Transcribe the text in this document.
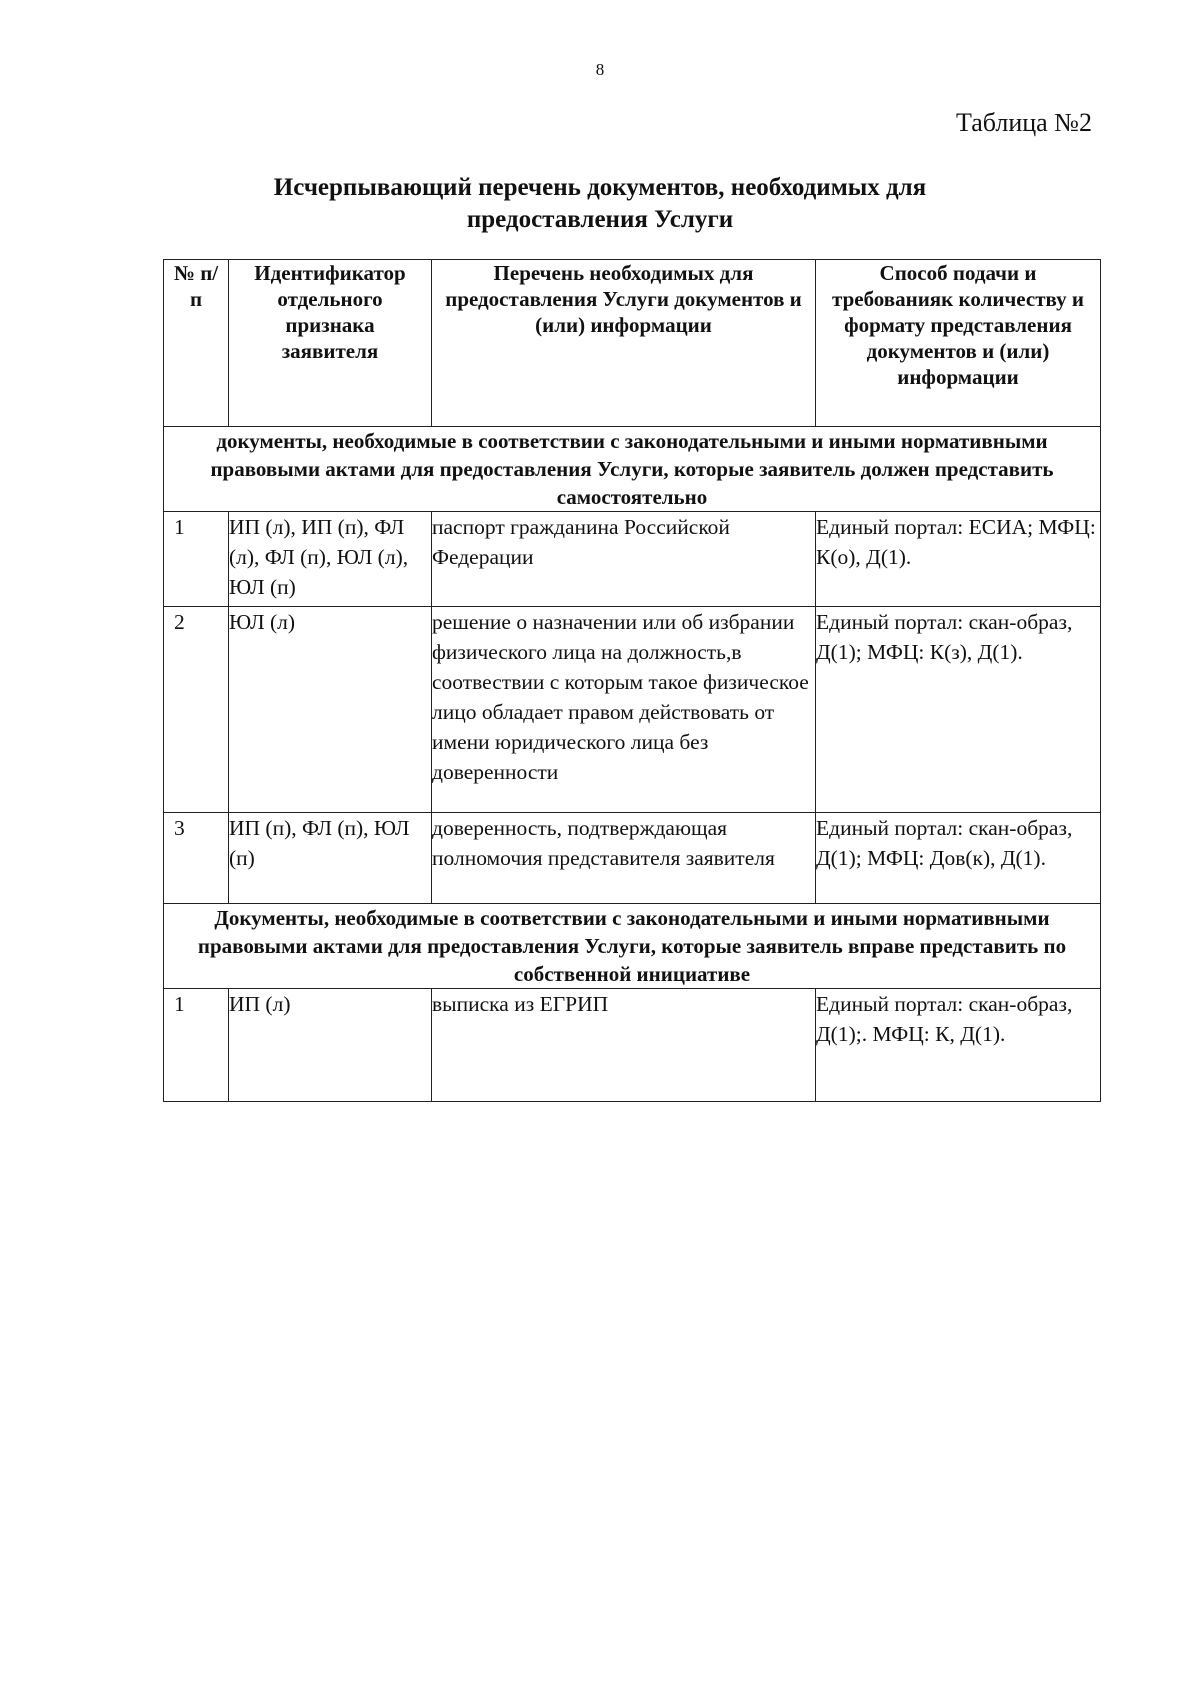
8
Таблица №2
Исчерпывающий перечень документов, необходимых для
предоставления Услуги
№ п/п	Идентификатор отдельного признака заявителя	Перечень необходимых для предоставления Услуги документов и (или) информации	Способ подачи и требованияк количеству и формату представления документов и (или) информации
документы, необходимые в соответствии с законодательными и иными нормативными правовыми актами для предоставления Услуги, которые заявитель должен представить самостоятельно			
1	ИП (л), ИП (п), ФЛ (л), ФЛ (п), ЮЛ (л), ЮЛ (п)	паспорт гражданина Российской Федерации	Единый портал: ЕСИА; МФЦ: К(о), Д(1).
2	ЮЛ (л)	решение о назначении или об избрании физического лица на должность,в соотвествии с которым такое физическое лицо обладает правом действовать от имени юридического лица без доверенности	Единый портал: скан-образ, Д(1); МФЦ: К(з), Д(1).
3	ИП (п), ФЛ (п), ЮЛ (п)	доверенность, подтверждающая полномочия представителя заявителя	Единый портал: скан-образ, Д(1); МФЦ: Дов(к), Д(1).
Документы, необходимые в соответствии с законодательными и иными нормативными правовыми актами для предоставления Услуги, которые заявитель вправе представить по собственной инициативе			
1	ИП (л)	выписка из ЕГРИП	Единый портал: скан-образ, Д(1);. МФЦ: К, Д(1).
